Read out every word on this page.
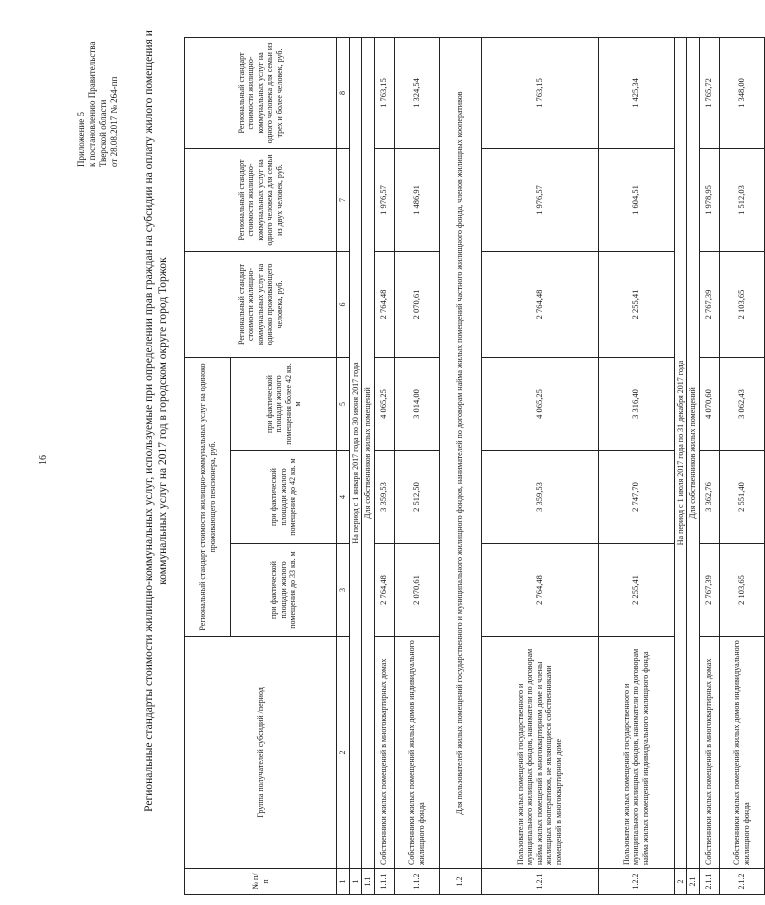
16
Приложение 5 к постановлению Правительства Тверской области от 28.08.2017 № 264-пп Региональные стандарты стоимости жилищно-коммунальных услуг, используемые при определении прав граждан на субсидии на оплату жилого помещения и коммунальных услуг на 2017 год в городском округе город Торжок
№ п/п	Группа получателей субсидий /период	Региональный стандарт стоимости жилищно-коммунальных услуг на одиноко проживающего пенсионера, руб.			Региональный стандарт стоимости жилищно-коммунальных услуг на одиноко проживающего человека, руб.	Региональный стандарт стоимости жилищно-коммунальных услуг на одного человека для семьи из двух человек, руб.	Региональный стандарт стоимости жилищно-коммунальных услуг на одного человека для семьи из трех и более человек, руб.
		при фактической площади жилого помещения до 33 кв. м	при фактической площади жилого помещения до 42 кв. м	при фактической площади жилого помещения более 42 кв. м			
1	2	3	4	5	6	7	8
1	На период с 1 января 2017 года по 30 июня 2017 года						
1.1	Для собственников жилых помещений						
1.1.1	Собственники жилых помещений в многоквартирных домах	2 764,48	3 359,53	4 065,25	2 764,48	1 976,57	1 763,15
1.1.2	Собственники жилых помещений жилых домов индивидуального жилищного фонда	2 070,61	2 512,50	3 014,00	2 070,61	1 486,91	1 324,54
1.2	Для пользователей жилых помещений государственного и муниципального жилищного фондов, нанимателей по договорам найма жилых помещений частного жилищного фонда, членов жилищных кооперативов						
1.2.1	Пользователи жилых помещений государственного и муниципального жилищных фондов, наниматели по договорам найма жилых помещений в многоквартирном доме и члены жилищных кооперативов, не являющиеся собственниками помещений в многоквартирном доме	2 764,48	3 359,53	4 065,25	2 764,48	1 976,57	1 763,15
1.2.2	Пользователи жилых помещений государственного и муниципального жилищных фондов, наниматели по договорам найма жилых помещений индивидуального жилищного фонда	2 255,41	2 747,70	3 316,40	2 255,41	1 604,51	1 425,34
2	На период с 1 июля 2017 года по 31 декабря 2017 года						
2.1	Для собственников жилых помещений						
2.1.1	Собственники жилых помещений в многоквартирных домах	2 767,39	3 362,76	4 070,60	2 767,39	1 978,95	1 765,72
2.1.2	Собственники жилых помещений жилых домов индивидуального жилищного фонда	2 103,65	2 551,40	3 062,43	2 103,65	1 512,03	1 348,00
